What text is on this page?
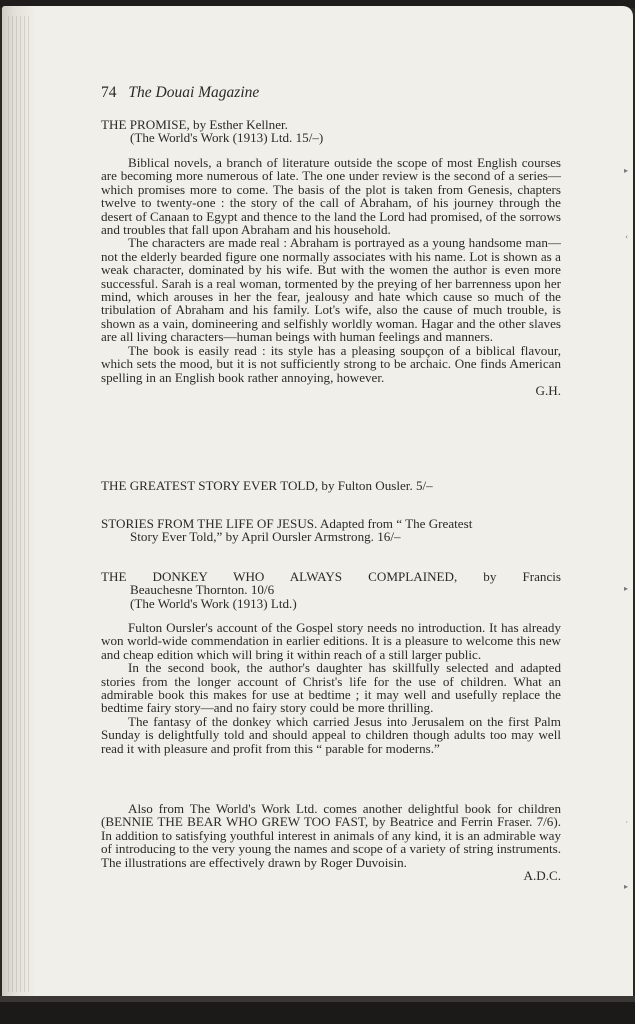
▸
‹
▸
·
▸
74 The Douai Magazine

THE PROMISE, by Esther Kellner.

(The World's Work (1913) Ltd. 15/–)

Biblical novels, a branch of literature outside the scope of most English courses are becoming more numerous of late. The one under review is the second of a series—which promises more to come. The basis of the plot is taken from Genesis, chapters twelve to twenty-one : the story of the call of Abraham, of his journey through the desert of Canaan to Egypt and thence to the land the Lord had promised, of the sorrows and troubles that fall upon Abraham and his household.

The characters are made real : Abraham is portrayed as a young handsome man—not the elderly bearded figure one normally associates with his name. Lot is shown as a weak character, dominated by his wife. But with the women the author is even more successful. Sarah is a real woman, tormented by the preying of her barrenness upon her mind, which arouses in her the fear, jealousy and hate which cause so much of the tribulation of Abraham and his family. Lot's wife, also the cause of much trouble, is shown as a vain, domineering and selfishly worldly woman. Hagar and the other slaves are all living characters—human beings with human feelings and manners.

The book is easily read : its style has a pleasing soupçon of a biblical flavour, which sets the mood, but it is not sufficiently strong to be archaic. One finds American spelling in an English book rather annoying, however.

G.H.

THE GREATEST STORY EVER TOLD, by Fulton Ousler. 5/–

STORIES FROM THE LIFE OF JESUS. Adapted from “ The Greatest

Story Ever Told,” by April Oursler Armstrong. 16/–

THE DONKEY WHO ALWAYS COMPLAINED, by Francis

Beauchesne Thornton. 10/6

(The World's Work (1913) Ltd.)

Fulton Oursler's account of the Gospel story needs no introduction. It has already won world-wide commendation in earlier editions. It is a pleasure to welcome this new and cheap edition which will bring it within reach of a still larger public.

In the second book, the author's daughter has skillfully selected and adapted stories from the longer account of Christ's life for the use of children. What an admirable book this makes for use at bedtime ; it may well and usefully replace the bedtime fairy story—and no fairy story could be more thrilling.

The fantasy of the donkey which carried Jesus into Jerusalem on the first Palm Sunday is delightfully told and should appeal to children though adults too may well read it with pleasure and profit from this “ parable for moderns.”

Also from The World's Work Ltd. comes another delightful book for children (BENNIE THE BEAR WHO GREW TOO FAST, by Beatrice and Ferrin Fraser. 7/6). In addition to satisfying youthful interest in animals of any kind, it is an admirable way of introducing to the very young the names and scope of a variety of string instruments. The illustrations are effectively drawn by Roger Duvoisin.

A.D.C.
